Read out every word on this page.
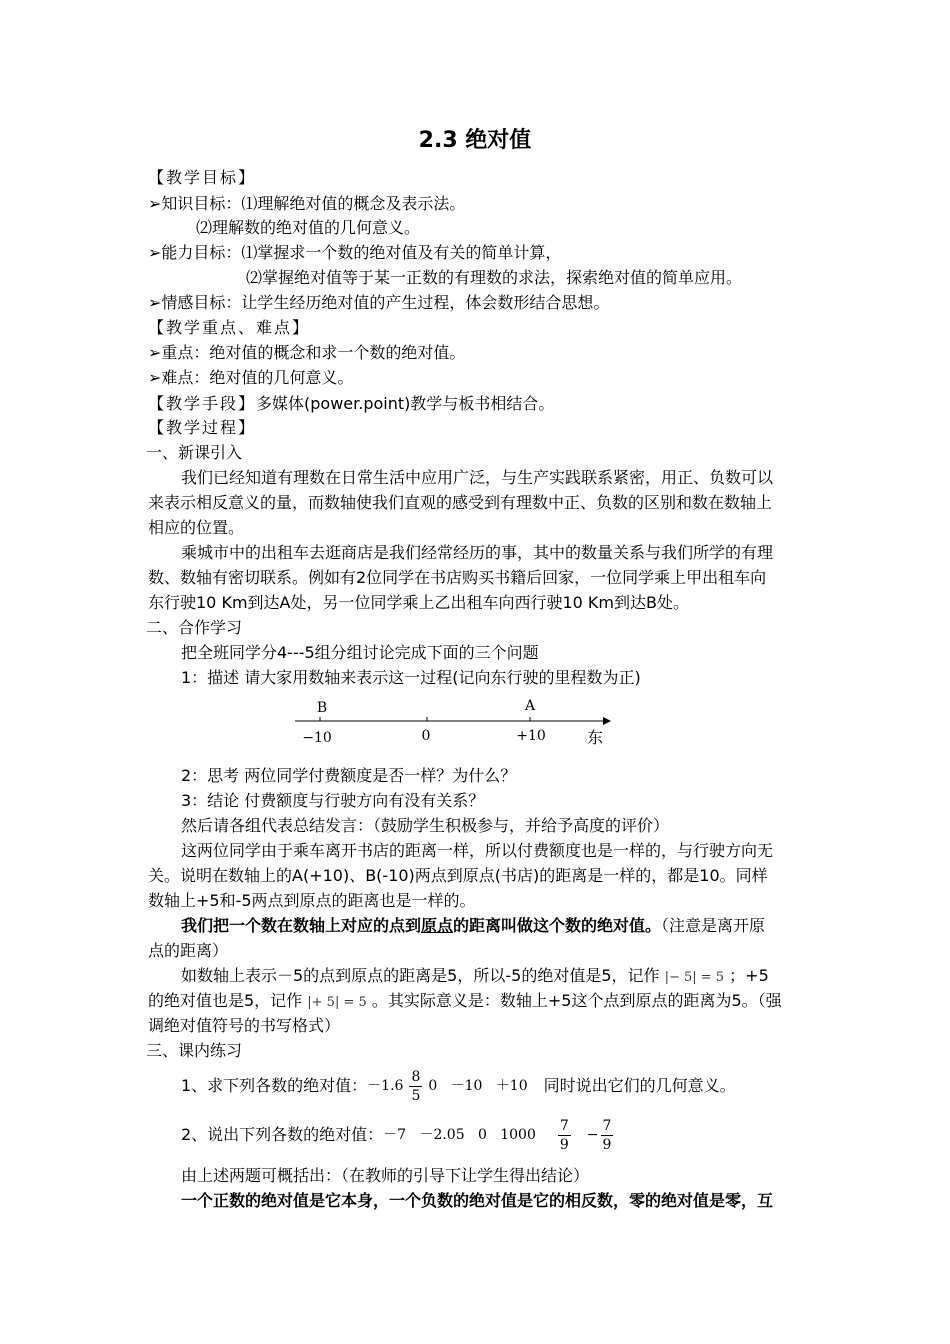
2.3 绝对值
【教学目标】
➢知识目标：⑴理解绝对值的概念及表示法。
⑵理解数的绝对值的几何意义。
➢能力目标：⑴掌握求一个数的绝对值及有关的简单计算，
⑵掌握绝对值等于某一正数的有理数的求法，探索绝对值的简单应用。
➢情感目标：让学生经历绝对值的产生过程，体会数形结合思想。
【教学重点、难点】
➢重点：绝对值的概念和求一个数的绝对值。
➢难点：绝对值的几何意义。
【教学手段】多媒体(power.point)教学与板书相结合。
【教学过程】
一、新课引入
我们已经知道有理数在日常生活中应用广泛，与生产实践联系紧密，用正、负数可以
来表示相反意义的量，而数轴使我们直观的感受到有理数中正、负数的区别和数在数轴上
相应的位置。
乘城市中的出租车去逛商店是我们经常经历的事，其中的数量关系与我们所学的有理
数、数轴有密切联系。例如有2位同学在书店购买书籍后回家，一位同学乘上甲出租车向
东行驶10 Km到达A处，另一位同学乘上乙出租车向西行驶10 Km到达B处。
二、合作学习
把全班同学分4---5组分组讨论完成下面的三个问题
1：描述 请大家用数轴来表示这一过程(记向东行驶的里程数为正)
B	A
−10	0	+10	东
2：思考 两位同学付费额度是否一样？为什么？
3：结论 付费额度与行驶方向有没有关系？
然后请各组代表总结发言：（鼓励学生积极参与，并给予高度的评价）
这两位同学由于乘车离开书店的距离一样，所以付费额度也是一样的，与行驶方向无
关。说明在数轴上的A(+10)、B(-10)两点到原点(书店)的距离是一样的，都是10。同样
数轴上+5和-5两点到原点的距离也是一样的。
我们把一个数在数轴上对应的点到原点的距离叫做这个数的绝对值。（注意是离开原
点的距离）
如数轴上表示－5的点到原点的距离是5，所以-5的绝对值是5，记作 |− 5| = 5 ；+5
的绝对值也是5，记作 |+ 5| = 5 。其实际意义是：数轴上+5这个点到原点的距离为5。（强
调绝对值符号的书写格式）
三、课内练习
1、求下列各数的绝对值： $-1.6 \frac{8}{5} 0 -10 +10$ 同时说出它们的几何意义。
2、说出下列各数的绝对值： －7   －2.05   0   $1000 \frac{7}{9} - \frac{7}{9}$
由上述两题可概括出：（在教师的引导下让学生得出结论）
一个正数的绝对值是它本身，一个负数的绝对值是它的相反数，零的绝对值是零，互
